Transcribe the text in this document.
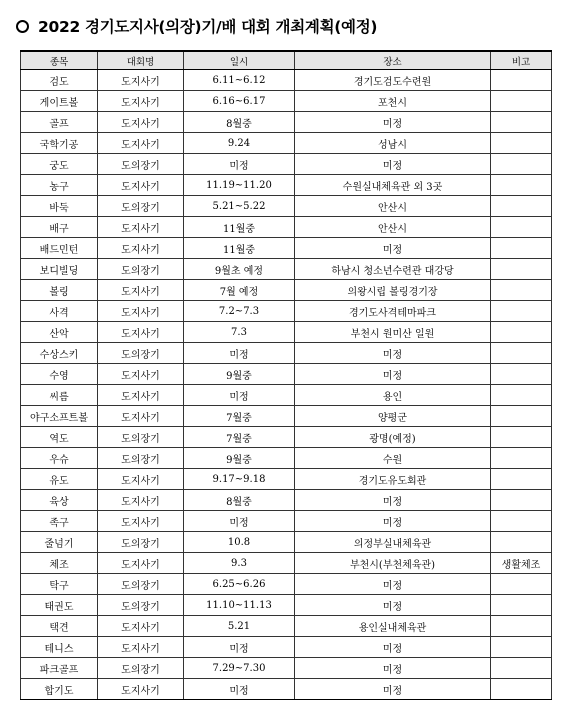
2022 경기도지사(의장)기/배 대회 개최계획(예정)
종목	대회명	일시	장소	비고
검도	도지사기	6.11~6.12	경기도검도수련원	
게이트볼	도지사기	6.16~6.17	포천시	
골프	도지사기	8월중	미정	
국학기공	도지사기	9.24	성남시	
궁도	도의장기	미정	미정	
농구	도지사기	11.19~11.20	수원실내체육관 외 3곳	
바둑	도의장기	5.21~5.22	안산시	
배구	도지사기	11월중	안산시	
배드민턴	도지사기	11월중	미정	
보디빌딩	도의장기	9월초 예정	하남시 청소년수련관 대강당	
볼링	도지사기	7월 예정	의왕시립 볼링경기장	
사격	도지사기	7.2~7.3	경기도사격테마파크	
산악	도지사기	7.3	부천시 원미산 일원	
수상스키	도의장기	미정	미정	
수영	도지사기	9월중	미정	
씨름	도지사기	미정	용인	
야구소프트볼	도지사기	7월중	양평군	
역도	도의장기	7월중	광명(예정)	
우슈	도의장기	9월중	수원	
유도	도지사기	9.17~9.18	경기도유도회관	
육상	도지사기	8월중	미정	
족구	도지사기	미정	미정	
줄넘기	도의장기	10.8	의정부실내체육관	
체조	도지사기	9.3	부천시(부천체육관)	생활체조
탁구	도의장기	6.25~6.26	미정	
태권도	도의장기	11.10~11.13	미정	
택견	도지사기	5.21	용인실내체육관	
테니스	도지사기	미정	미정	
파크골프	도의장기	7.29~7.30	미정	
합기도	도지사기	미정	미정	
